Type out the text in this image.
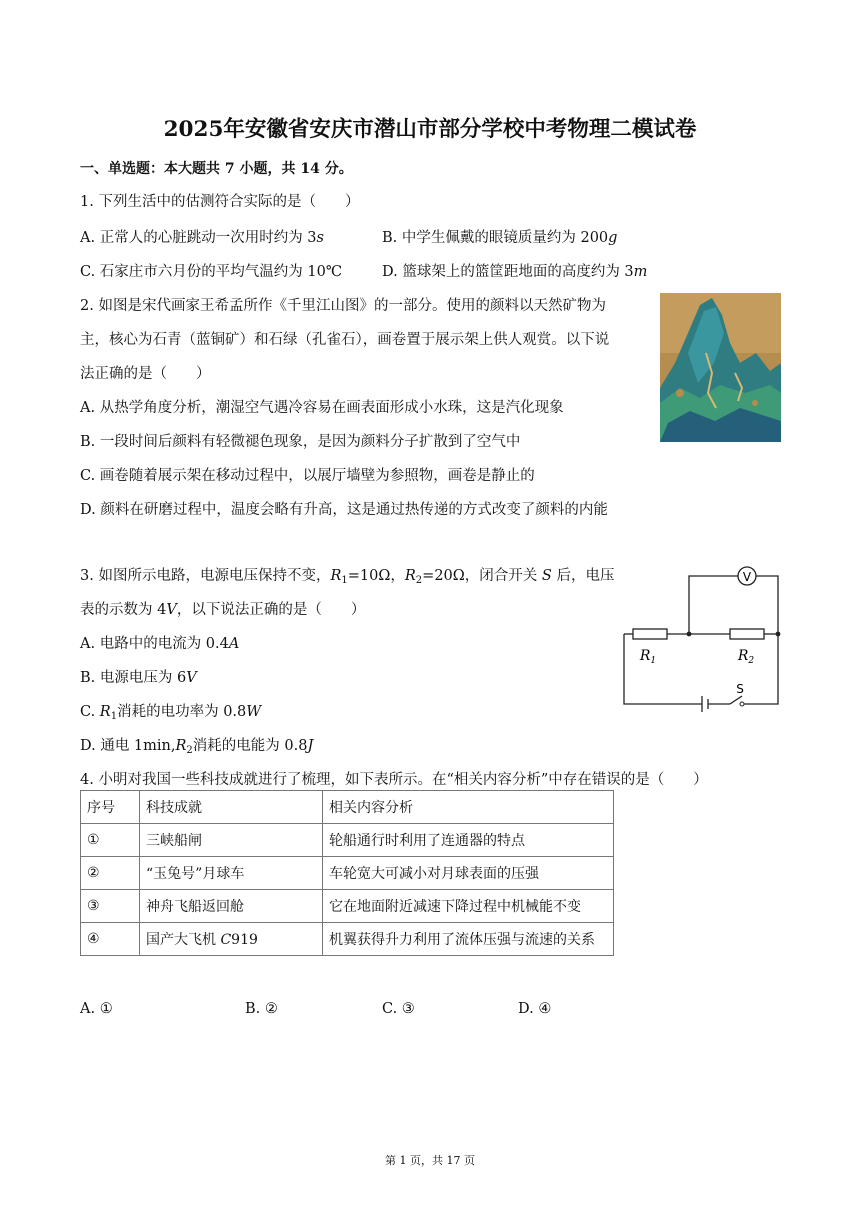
2025年安徽省安庆市潜山市部分学校中考物理二模试卷
一、单选题：本大题共 7 小题，共 14 分。
1. 下列生活中的估测符合实际的是（　　）
A. 正常人的心脏跳动一次用时约为 3s	B. 中学生佩戴的眼镜质量约为 200g
C. 石家庄市六月份的平均气温约为 10℃	D. 篮球架上的篮筐距地面的高度约为 3m
2. 如图是宋代画家王希孟所作《千里江山图》的一部分。使用的颜料以天然矿物为
主，核心为石青（蓝铜矿）和石绿（孔雀石），画卷置于展示架上供人观赏。以下说
法正确的是（　　）
A. 从热学角度分析，潮湿空气遇冷容易在画表面形成小水珠，这是汽化现象
B. 一段时间后颜料有轻微褪色现象，是因为颜料分子扩散到了空气中
C. 画卷随着展示架在移动过程中，以展厅墙壁为参照物，画卷是静止的
D. 颜料在研磨过程中，温度会略有升高，这是通过热传递的方式改变了颜料的内能
3. 如图所示电路，电源电压保持不变，$R_1=10\Omega$，$R_2=20\Omega$，闭合开关 S 后，电压
表的示数为 4V，以下说法正确的是（　　）
A. 电路中的电流为 0.4A
B. 电源电压为 6V
C. $R_1$消耗的电功率为 0.8W
D. 通电 $1\min,R_2$消耗的电能为 0.8J
V
$R_1$	$R_2$
S
4. 小明对我国一些科技成就进行了梳理，如下表所示。在“相关内容分析”中存在错误的是（　　）
序号	科技成就	相关内容分析
①	三峡船闸	轮船通行时利用了连通器的特点
②	“玉兔号”月球车	车轮宽大可减小对月球表面的压强
③	神舟飞船返回舱	它在地面附近减速下降过程中机械能不变
④	国产大飞机 C919	机翼获得升力利用了流体压强与流速的关系
A. ①	B. ②	C. ③	D. ④
第 1 页，共 17 页
